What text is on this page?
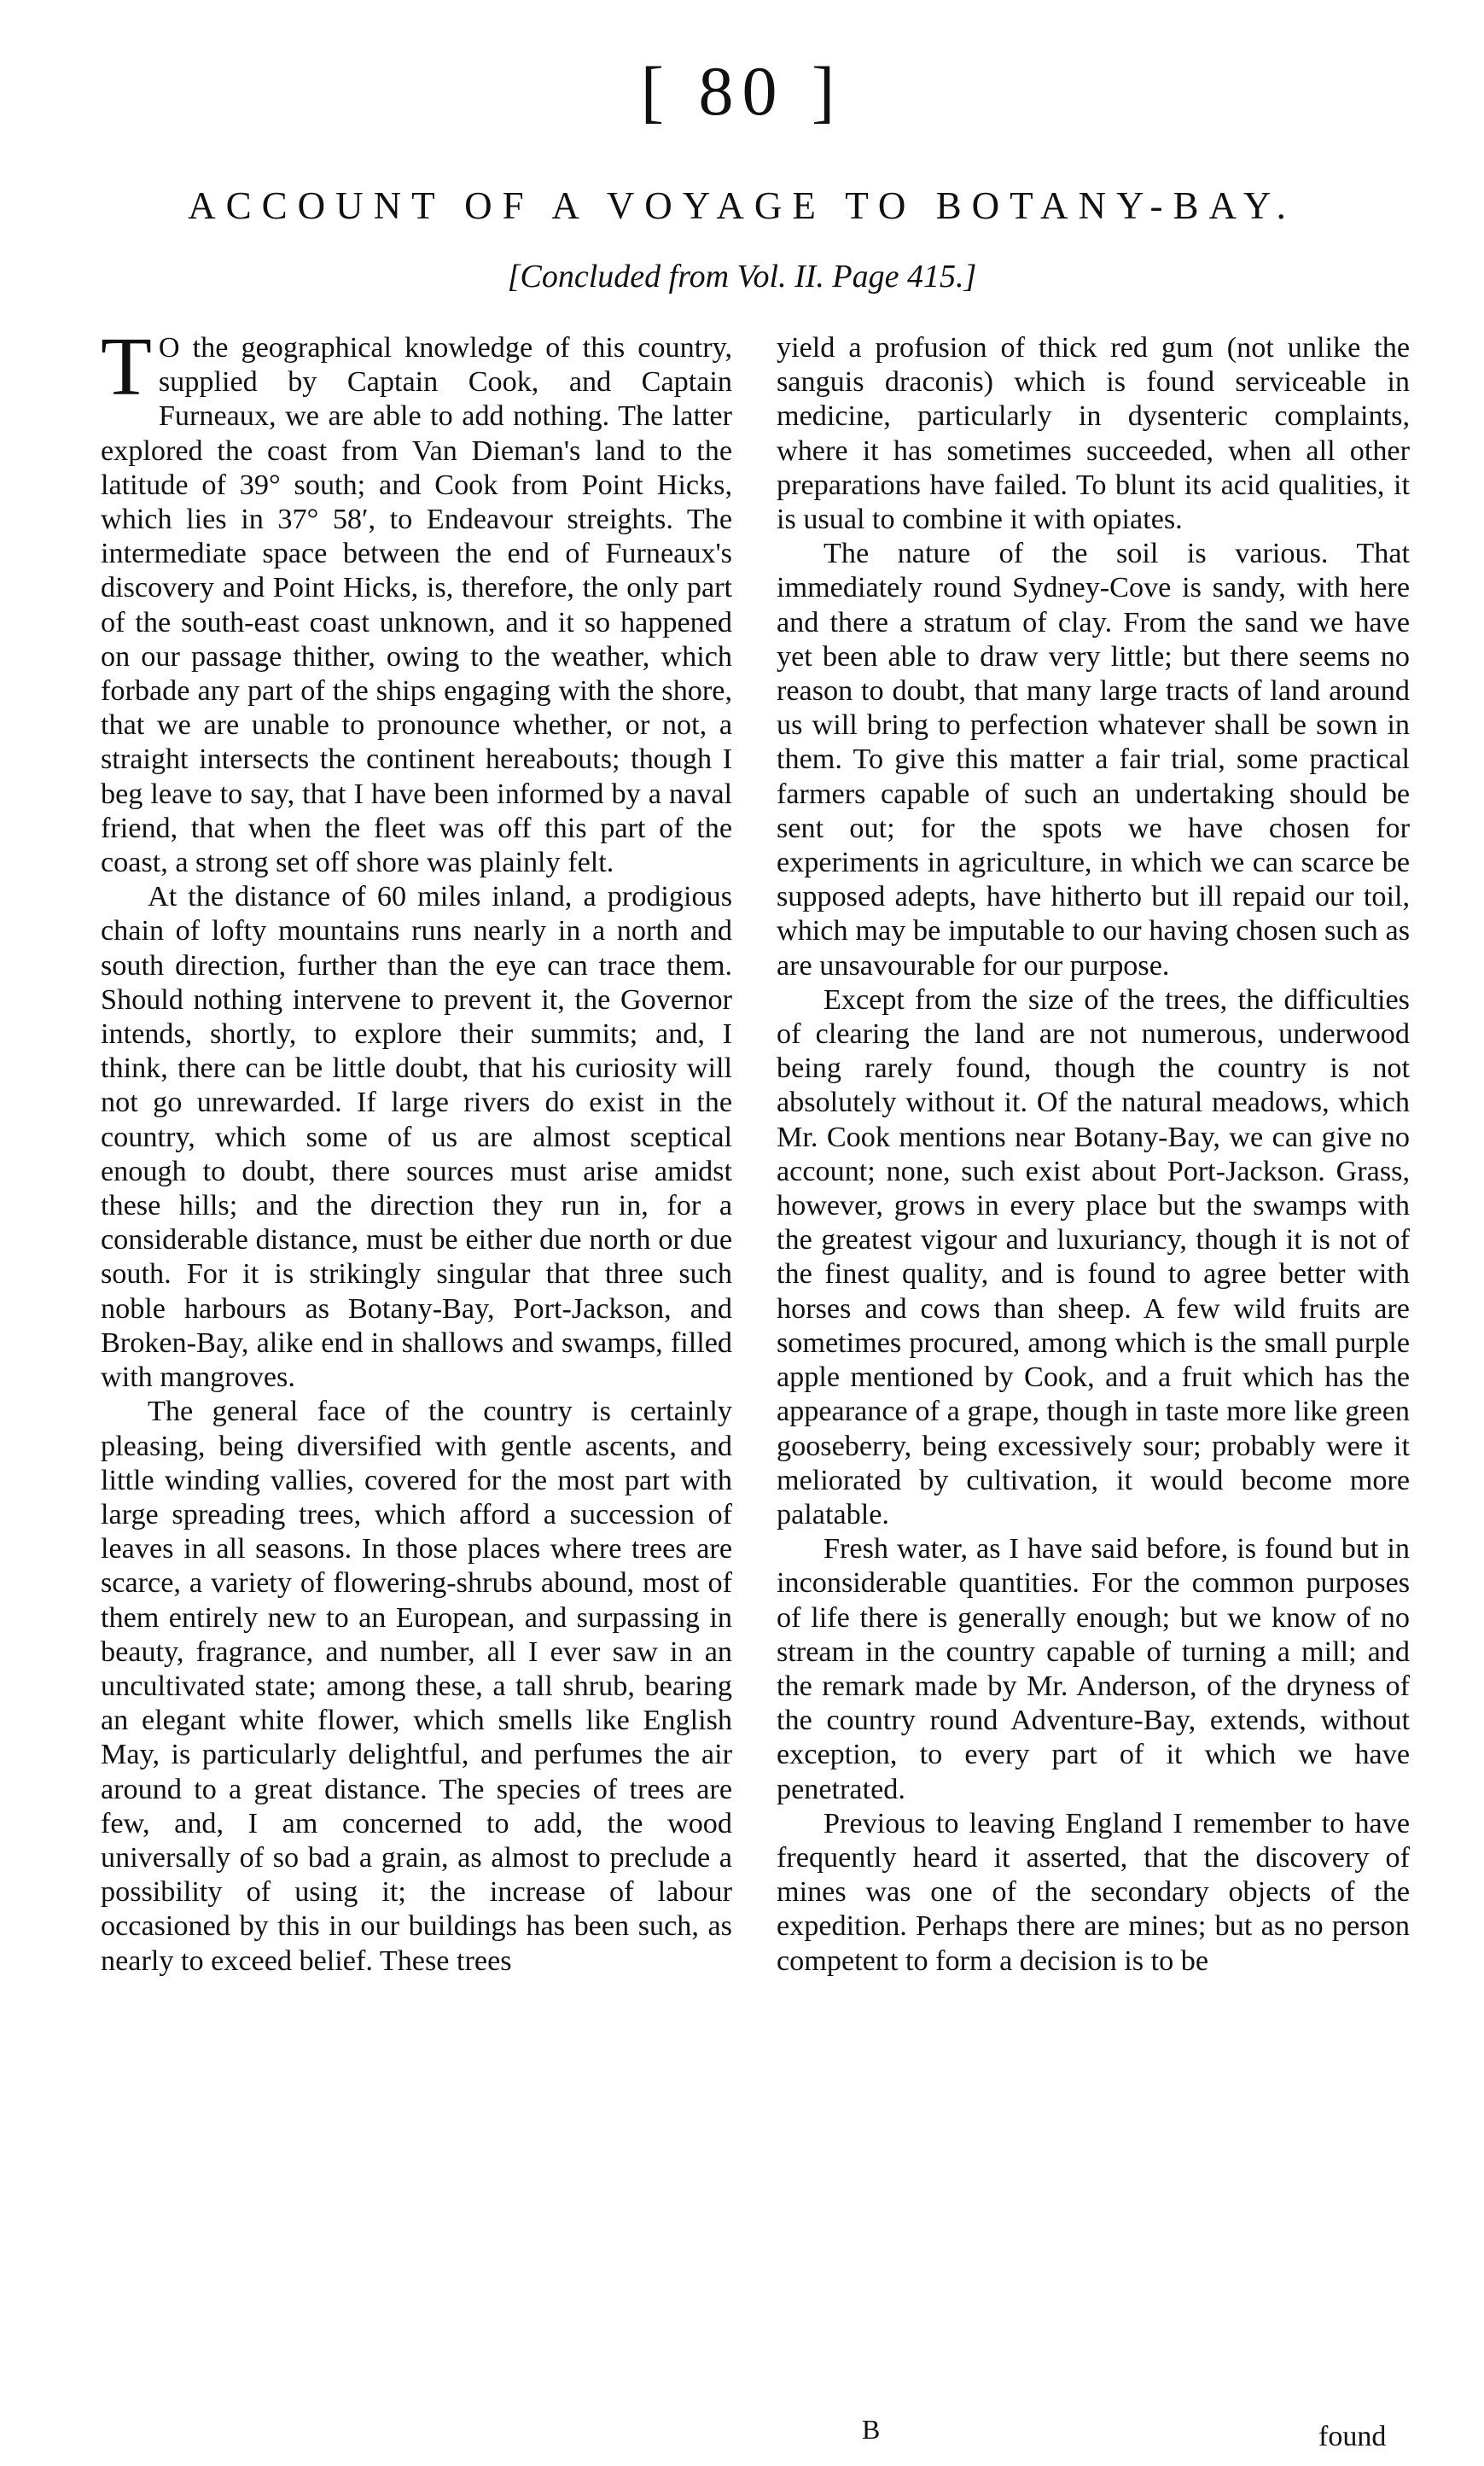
[ 80 ]
ACCOUNT OF A VOYAGE TO BOTANY-BAY.
[Concluded from Vol. II. Page 415.]

T O the geographical knowledge of this country, supplied by Captain Cook, and Captain Furneaux, we are able to add nothing. The latter explored the coast from Van Dieman's land to the latitude of 39° south; and Cook from Point Hicks, which lies in 37° 58′, to Endeavour streights. The intermediate space between the end of Furneaux's discovery and Point Hicks, is, therefore, the only part of the south-east coast unknown, and it so happened on our passage thither, owing to the weather, which forbade any part of the ships engaging with the shore, that we are unable to pronounce whether, or not, a straight intersects the continent hereabouts; though I beg leave to say, that I have been informed by a naval friend, that when the fleet was off this part of the coast, a strong set off shore was plainly felt.

At the distance of 60 miles inland, a prodigious chain of lofty mountains runs nearly in a north and south direction, further than the eye can trace them. Should nothing intervene to prevent it, the Governor intends, shortly, to explore their summits; and, I think, there can be little doubt, that his curiosity will not go unrewarded. If large rivers do exist in the country, which some of us are almost sceptical enough to doubt, there sources must arise amidst these hills; and the direction they run in, for a considerable distance, must be either due north or due south. For it is strikingly singular that three such noble harbours as Botany-Bay, Port-Jackson, and Broken-Bay, alike end in shallows and swamps, filled with mangroves.

The general face of the country is certainly pleasing, being diversified with gentle ascents, and little winding vallies, covered for the most part with large spreading trees, which afford a succession of leaves in all seasons. In those places where trees are scarce, a variety of flowering-shrubs abound, most of them entirely new to an European, and surpassing in beauty, fragrance, and number, all I ever saw in an uncultivated state; among these, a tall shrub, bearing an elegant white flower, which smells like English May, is particularly delightful, and perfumes the air around to a great distance. The species of trees are few, and, I am concerned to add, the wood universally of so bad a grain, as almost to preclude a possibility of using it; the increase of labour occasioned by this in our buildings has been such, as nearly to exceed belief. These trees

yield a profusion of thick red gum (not unlike the sanguis draconis) which is found serviceable in medicine, particularly in dysenteric complaints, where it has sometimes succeeded, when all other preparations have failed. To blunt its acid qualities, it is usual to combine it with opiates.

The nature of the soil is various. That immediately round Sydney-Cove is sandy, with here and there a stratum of clay. From the sand we have yet been able to draw very little; but there seems no reason to doubt, that many large tracts of land around us will bring to perfection whatever shall be sown in them. To give this matter a fair trial, some practical farmers capable of such an undertaking should be sent out; for the spots we have chosen for experiments in agriculture, in which we can scarce be supposed adepts, have hitherto but ill repaid our toil, which may be imputable to our having chosen such as are unsavourable for our purpose.

Except from the size of the trees, the difficulties of clearing the land are not numerous, underwood being rarely found, though the country is not absolutely without it. Of the natural meadows, which Mr. Cook mentions near Botany-Bay, we can give no account; none, such exist about Port-Jackson. Grass, however, grows in every place but the swamps with the greatest vigour and luxuriancy, though it is not of the finest quality, and is found to agree better with horses and cows than sheep. A few wild fruits are sometimes procured, among which is the small purple apple mentioned by Cook, and a fruit which has the appearance of a grape, though in taste more like green gooseberry, being excessively sour; probably were it meliorated by cultivation, it would become more palatable.

Fresh water, as I have said before, is found but in inconsiderable quantities. For the common purposes of life there is generally enough; but we know of no stream in the country capable of turning a mill; and the remark made by Mr. Anderson, of the dryness of the country round Adventure-Bay, extends, without exception, to every part of it which we have penetrated.

Previous to leaving England I remember to have frequently heard it asserted, that the discovery of mines was one of the secondary objects of the expedition. Perhaps there are mines; but as no person competent to form a decision is to be

B	found
